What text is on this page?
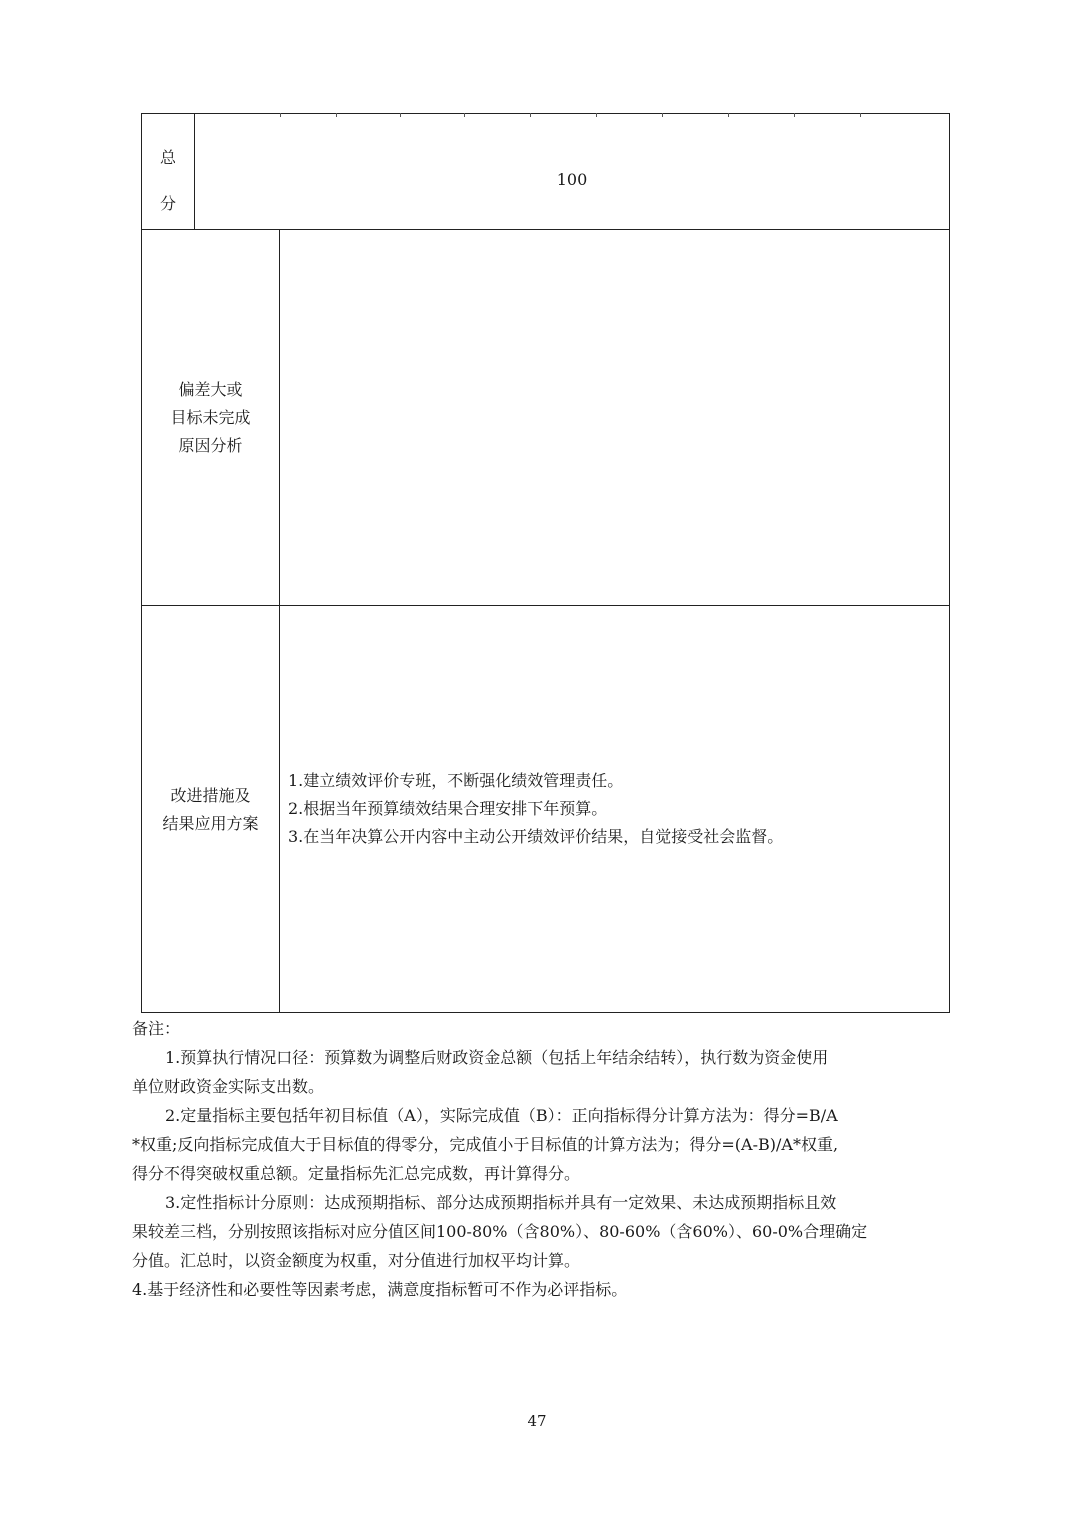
总
分
100
偏差大或
目标未完成
原因分析
改进措施及
结果应用方案
1.建立绩效评价专班，不断强化绩效管理责任。
2.根据当年预算绩效结果合理安排下年预算。
3.在当年决算公开内容中主动公开绩效评价结果，自觉接受社会监督。
备注：
1.预算执行情况口径：预算数为调整后财政资金总额（包括上年结余结转），执行数为资金使用
单位财政资金实际支出数。
2.定量指标主要包括年初目标值（A），实际完成值（B）：正向指标得分计算方法为：得分=B/A
*权重;反向指标完成值大于目标值的得零分，完成值小于目标值的计算方法为；得分=(A-B)/A*权重,
得分不得突破权重总额。定量指标先汇总完成数，再计算得分。
3.定性指标计分原则：达成预期指标、部分达成预期指标并具有一定效果、未达成预期指标且效
果较差三档，分别按照该指标对应分值区间100-80%（含80%）、80-60%（含60%）、60-0%合理确定
分值。汇总时，以资金额度为权重，对分值进行加权平均计算。
4.基于经济性和必要性等因素考虑，满意度指标暂可不作为必评指标。
47
